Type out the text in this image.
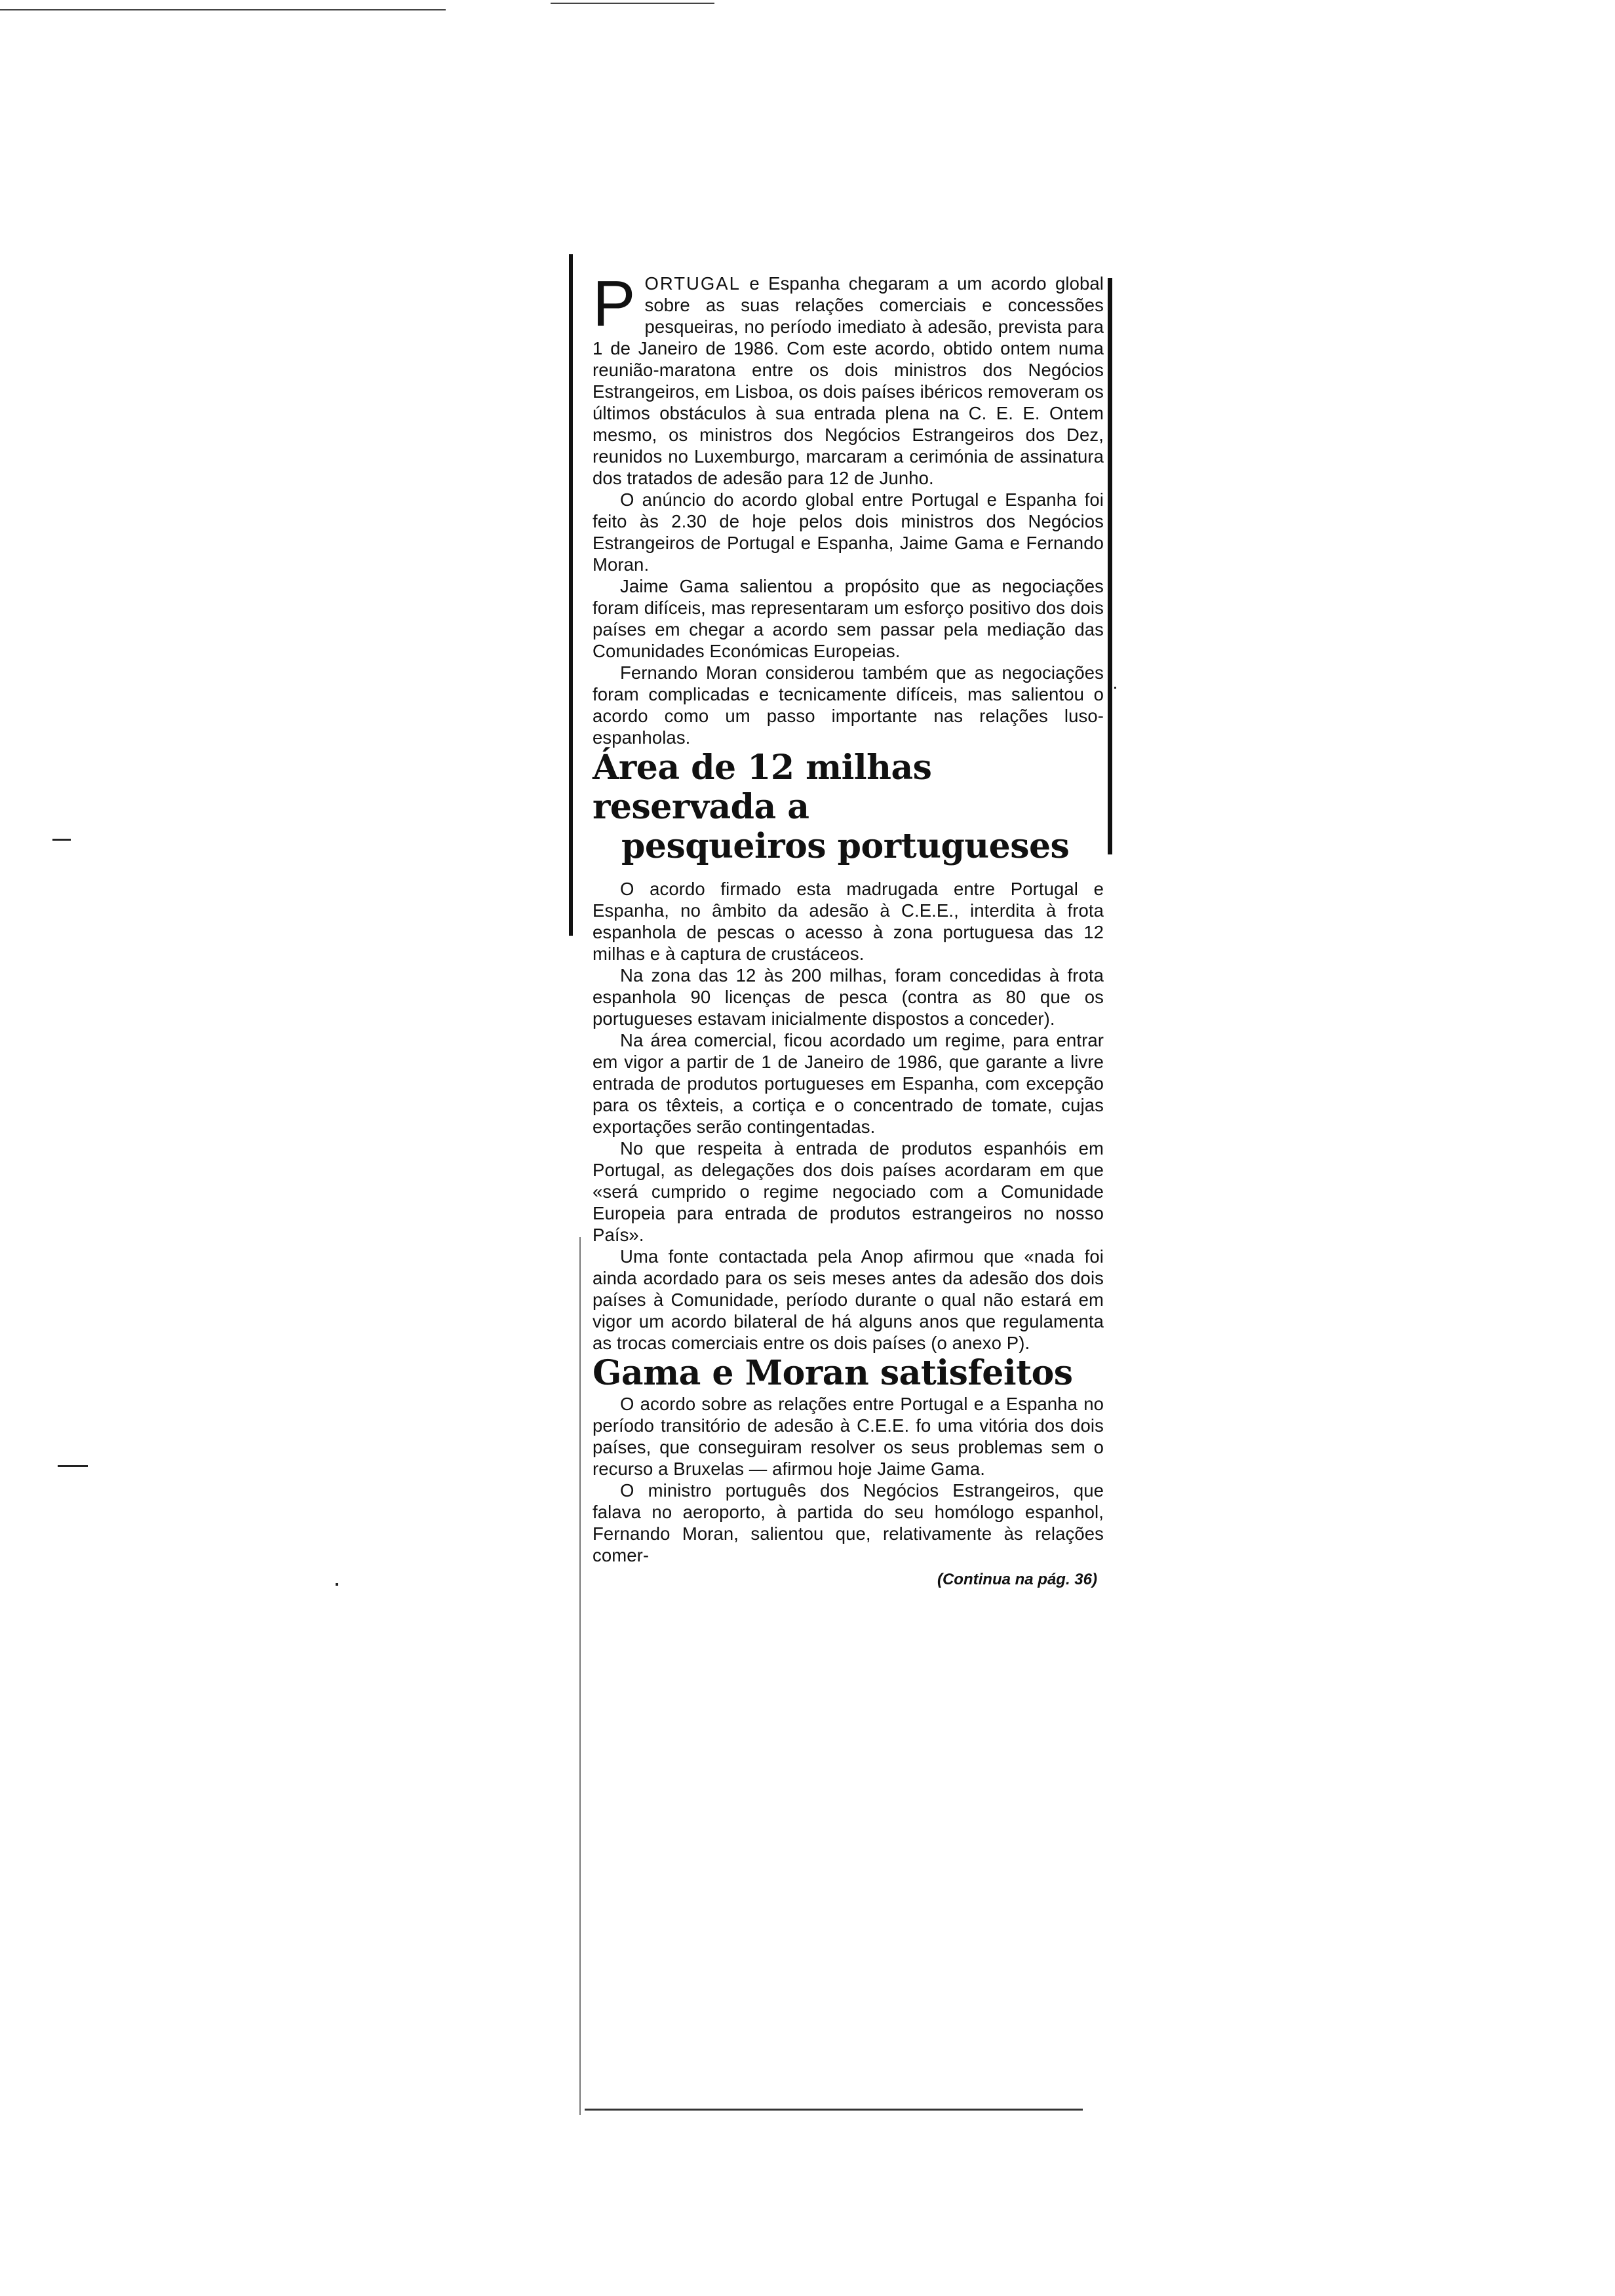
PORTUGAL e Espanha chegaram a um acordo global sobre as suas relações comerciais e concessões pesqueiras, no período imediato à adesão, prevista para 1 de Janeiro de 1986. Com este acordo, obtido ontem numa reunião-maratona entre os dois ministros dos Negócios Estrangeiros, em Lisboa, os dois países ibéricos removeram os últimos obstáculos à sua entrada plena na C. E. E. Ontem mesmo, os ministros dos Negócios Estrangeiros dos Dez, reunidos no Luxemburgo, marcaram a cerimónia de assinatura dos tratados de adesão para 12 de Junho.

O anúncio do acordo global entre Portugal e Espanha foi feito às 2.30 de hoje pelos dois ministros dos Negócios Estrangeiros de Portugal e Espanha, Jaime Gama e Fernando Moran.

Jaime Gama salientou a propósito que as negociações foram difíceis, mas representaram um esforço positivo dos dois países em chegar a acordo sem passar pela mediação das Comunidades Económicas Europeias.

Fernando Moran considerou também que as negociações foram complicadas e tecnicamente difíceis, mas salientou o acordo como um passo importante nas relações luso-espanholas.

Área de 12 milhas reservada a
pesqueiros portugueses

O acordo firmado esta madrugada entre Portugal e Espanha, no âmbito da adesão à C.E.E., interdita à frota espanhola de pescas o acesso à zona portuguesa das 12 milhas e à captura de crustáceos.

Na zona das 12 às 200 milhas, foram concedidas à frota espanhola 90 licenças de pesca (contra as 80 que os portugueses estavam inicialmente dispostos a conceder).

Na área comercial, ficou acordado um regime, para entrar em vigor a partir de 1 de Janeiro de 1986, que garante a livre entrada de produtos portugueses em Espanha, com excepção para os têxteis, a cortiça e o concentrado de tomate, cujas exportações serão contingentadas.

No que respeita à entrada de produtos espanhóis em Portugal, as delegações dos dois países acordaram em que «será cumprido o regime negociado com a Comunidade Europeia para entrada de produtos estrangeiros no nosso País».

Uma fonte contactada pela Anop afirmou que «nada foi ainda acordado para os seis meses antes da adesão dos dois países à Comunidade, período durante o qual não estará em vigor um acordo bilateral de há alguns anos que regulamenta as trocas comerciais entre os dois países (o anexo P).

Gama e Moran satisfeitos

O acordo sobre as relações entre Portugal e a Espanha no período transitório de adesão à C.E.E. fo uma vitória dos dois países, que conseguiram resolver os seus problemas sem o recurso a Bruxelas — afirmou hoje Jaime Gama.

O ministro português dos Negócios Estrangeiros, que falava no aeroporto, à partida do seu homólogo espanhol, Fernando Moran, salientou que, relativamente às relações comer-

(Continua na pág. 36)
